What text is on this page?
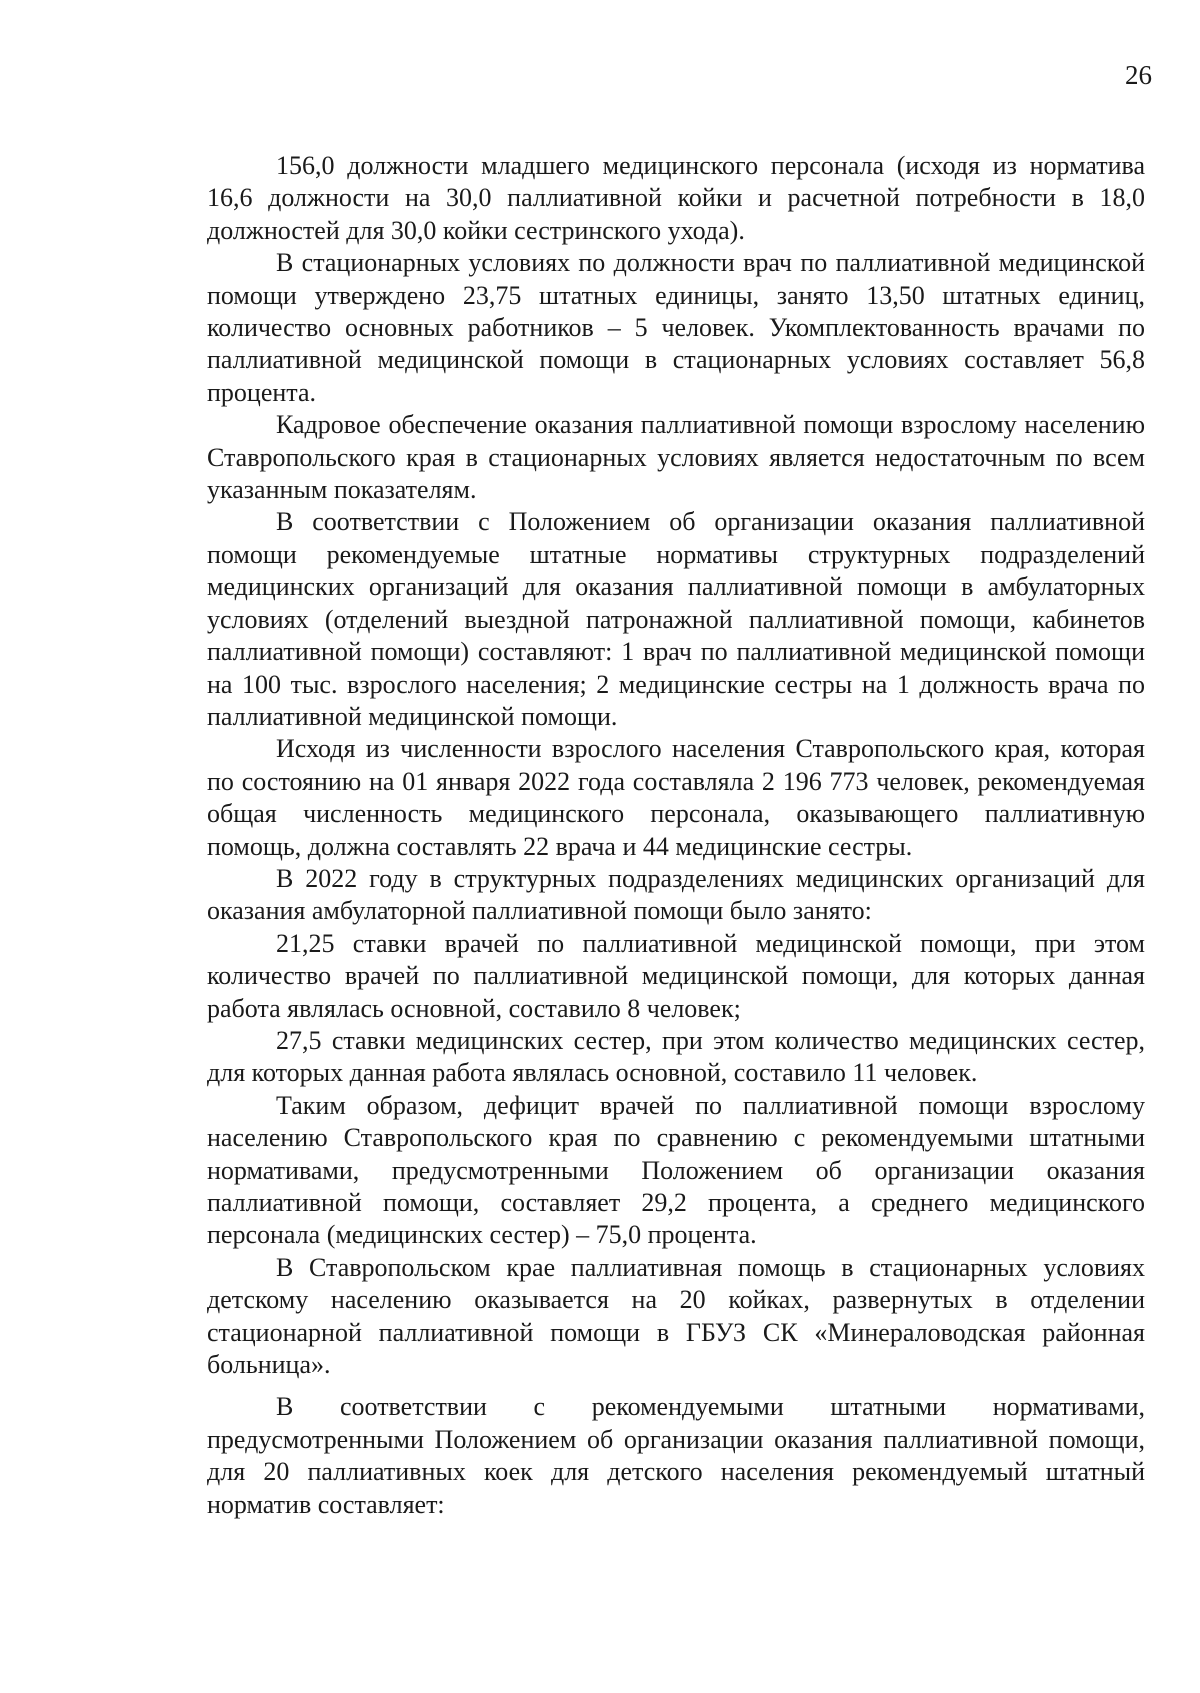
26

156,0 должности младшего медицинского персонала (исходя из норматива 16,6 должности на 30,0 паллиативной койки и расчетной потребности в 18,0 должностей для 30,0 койки сестринского ухода).

В стационарных условиях по должности врач по паллиативной медицинской помощи утверждено 23,75 штатных единицы, занято 13,50 штатных единиц, количество основных работников – 5 человек. Укомплектованность врачами по паллиативной медицинской помощи в стационарных условиях составляет 56,8 процента.

Кадровое обеспечение оказания паллиативной помощи взрослому населению Ставропольского края в стационарных условиях является недостаточным по всем указанным показателям.

В соответствии с Положением об организации оказания паллиативной помощи рекомендуемые штатные нормативы структурных подразделений медицинских организаций для оказания паллиативной помощи в амбулаторных условиях (отделений выездной патронажной паллиативной помощи, кабинетов паллиативной помощи) составляют: 1 врач по паллиативной медицинской помощи на 100 тыс. взрослого населения; 2 медицинские сестры на 1 должность врача по паллиативной медицинской помощи.

Исходя из численности взрослого населения Ставропольского края, которая по состоянию на 01 января 2022 года составляла 2 196 773 человек, рекомендуемая общая численность медицинского персонала, оказывающего паллиативную помощь, должна составлять 22 врача и 44 медицинские сестры.

В 2022 году в структурных подразделениях медицинских организаций для оказания амбулаторной паллиативной помощи было занято:

21,25 ставки врачей по паллиативной медицинской помощи, при этом количество врачей по паллиативной медицинской помощи, для которых данная работа являлась основной, составило 8 человек;

27,5 ставки медицинских сестер, при этом количество медицинских сестер, для которых данная работа являлась основной, составило 11 человек.

Таким образом, дефицит врачей по паллиативной помощи взрослому населению Ставропольского края по сравнению с рекомендуемыми штатными нормативами, предусмотренными Положением об организации оказания паллиативной помощи, составляет 29,2 процента, а среднего медицинского персонала (медицинских сестер) – 75,0 процента.

В Ставропольском крае паллиативная помощь в стационарных условиях детскому населению оказывается на 20 койках, развернутых в отделении стационарной паллиативной помощи в ГБУЗ СК «Минераловодская районная больница».

В соответствии с рекомендуемыми штатными нормативами, предусмотренными Положением об организации оказания паллиативной помощи, для 20 паллиативных коек для детского населения рекомендуемый штатный норматив составляет:
